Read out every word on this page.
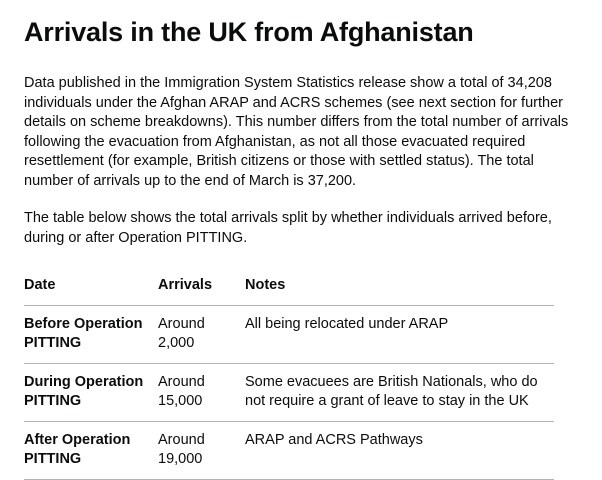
Arrivals in the UK from Afghanistan

Data published in the Immigration System Statistics release show a total of 34,208 individuals under the Afghan ARAP and ACRS schemes (see next section for further details on scheme breakdowns). This number differs from the total number of arrivals following the evacuation from Afghanistan, as not all those evacuated required resettlement (for example, British citizens or those with settled status). The total number of arrivals up to the end of March is 37,200.

The table below shows the total arrivals split by whether individuals arrived before, during or after Operation PITTING.

Date	Arrivals	Notes
Before Operation PITTING	Around 2,000	All being relocated under ARAP
During Operation PITTING	Around 15,000	Some evacuees are British Nationals, who do not require a grant of leave to stay in the UK
After Operation PITTING	Around 19,000	ARAP and ACRS Pathways
